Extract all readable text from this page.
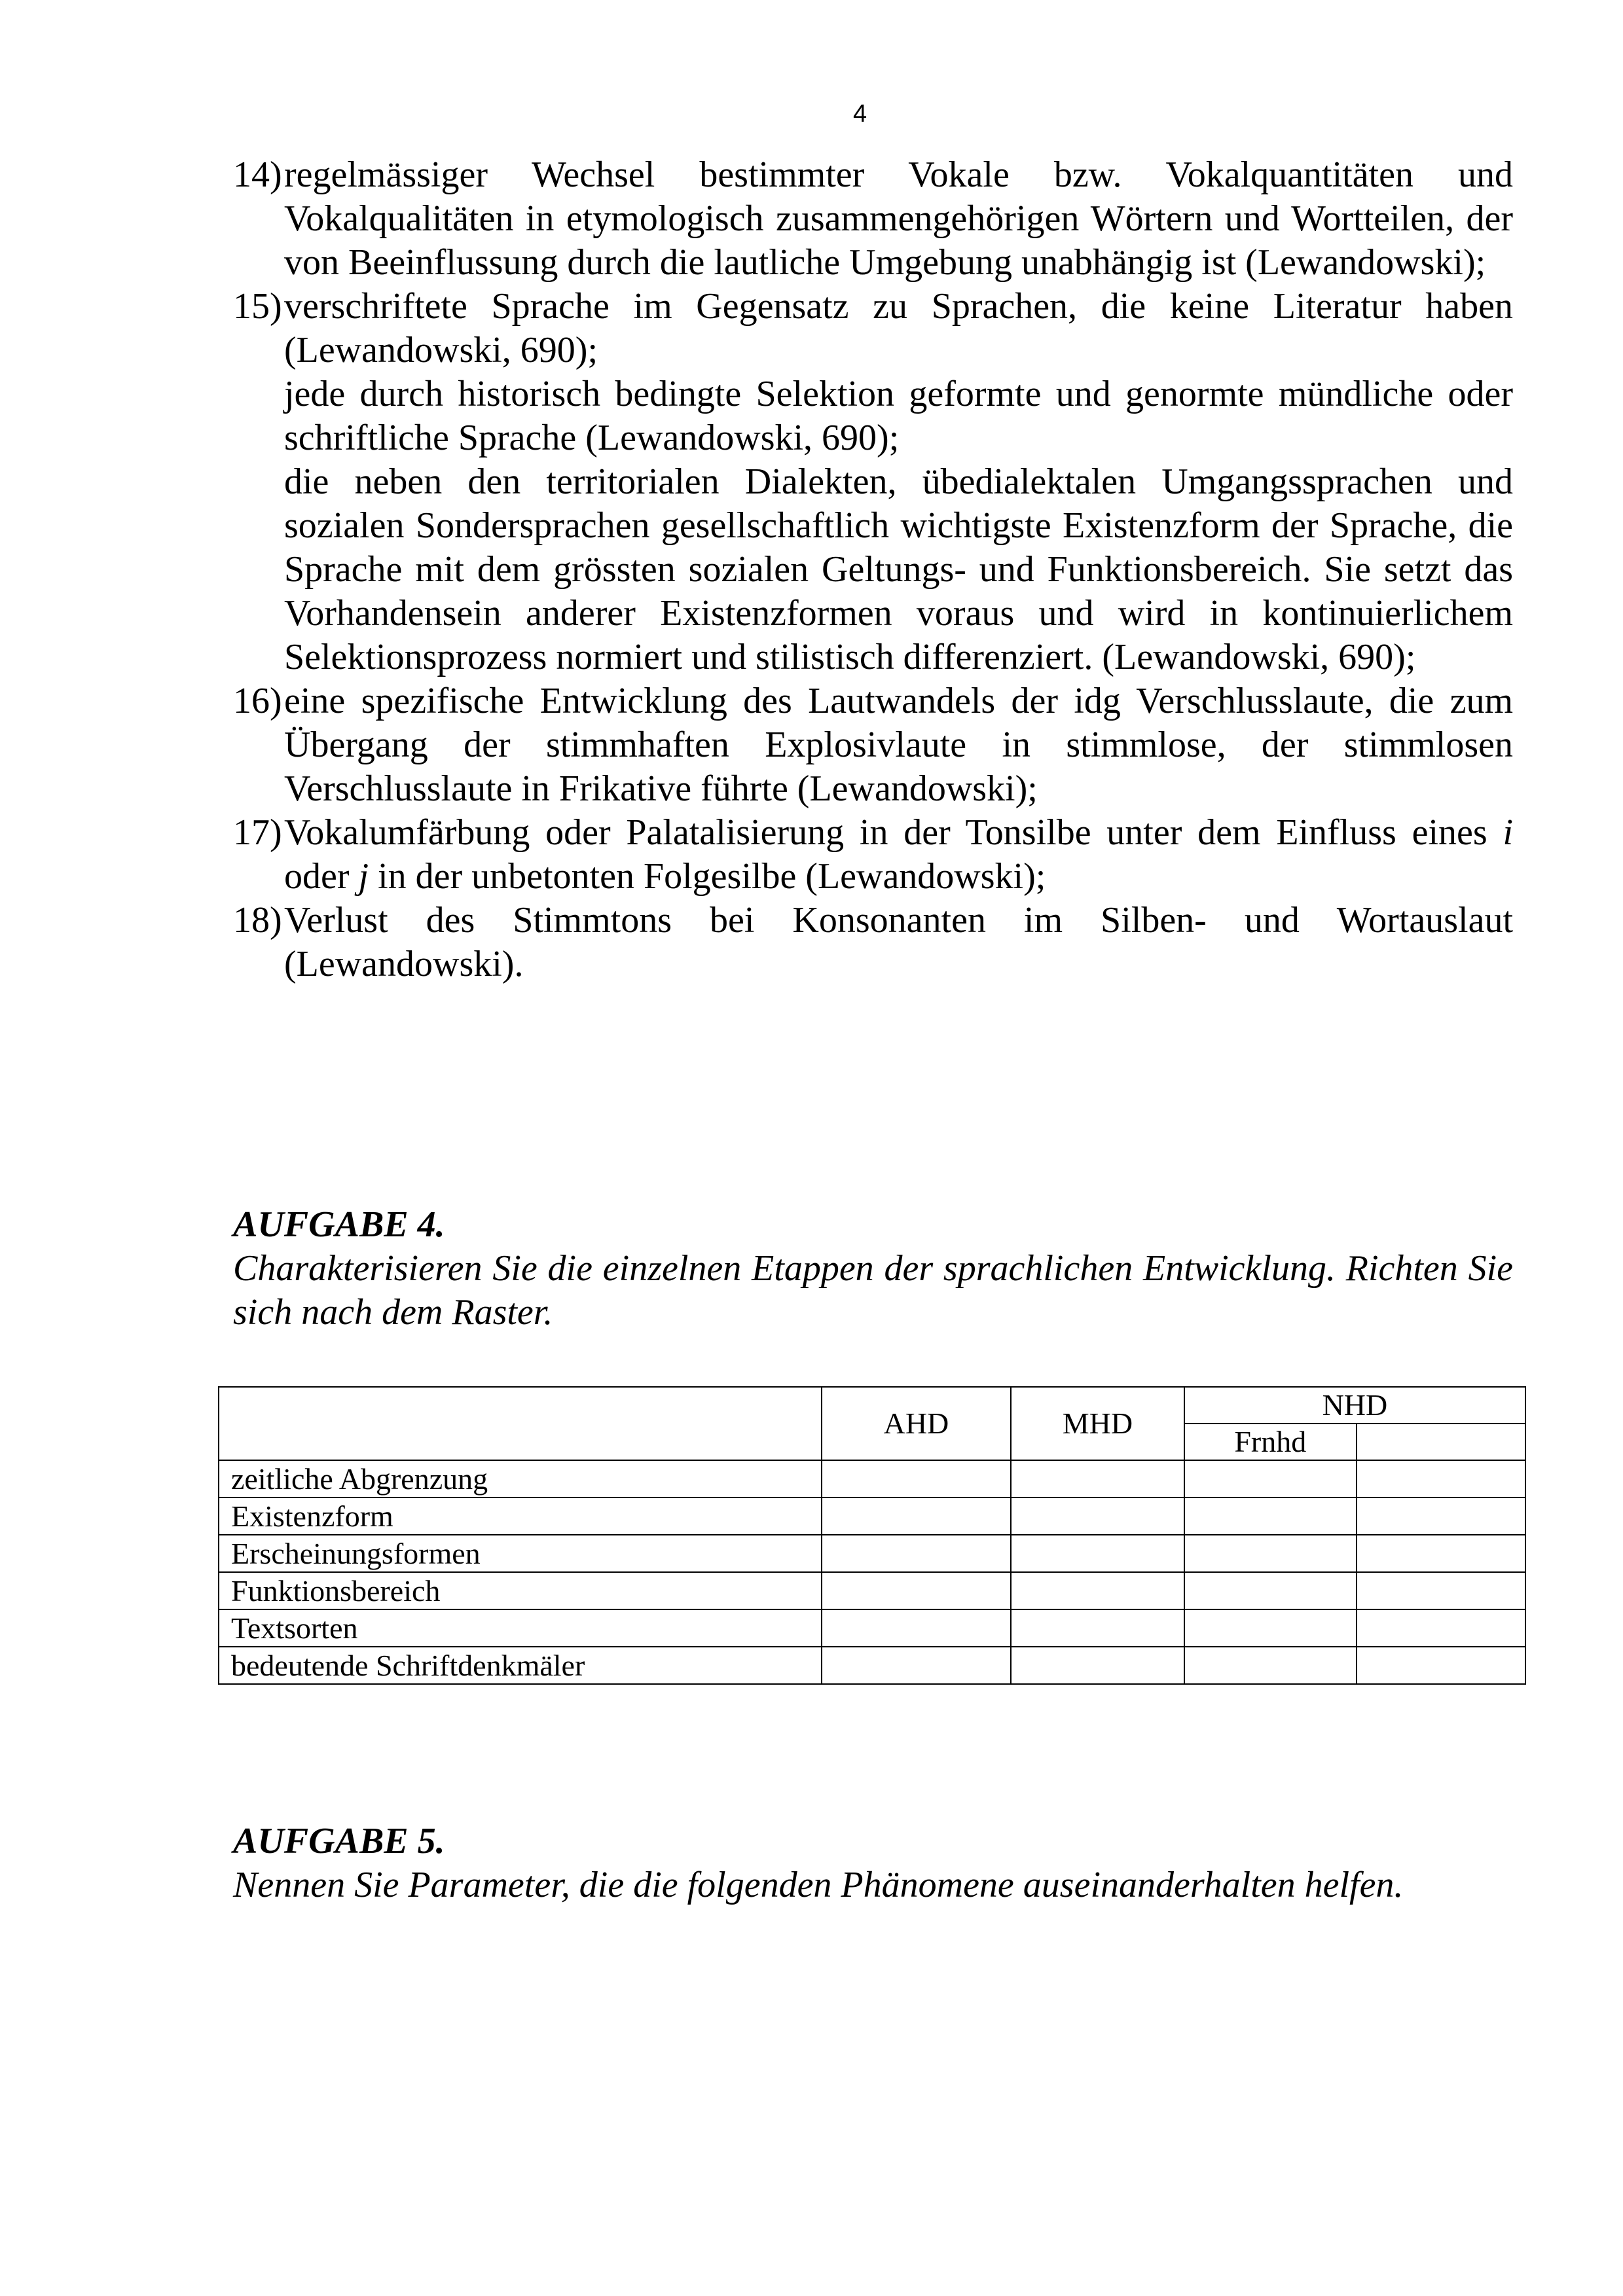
4
14) regelmässiger Wechsel bestimmter Vokale bzw. Vokalquantitäten und Vokalqualitäten in etymologisch zusammengehörigen Wörtern und Wortteilen, der von Beeinflussung durch die lautliche Umgebung unabhängig ist (Lewandowski);
15) verschriftete Sprache im Gegensatz zu Sprachen, die keine Literatur haben (Lewandowski, 690);
jede durch historisch bedingte Selektion geformte und genormte mündliche oder schriftliche Sprache (Lewandowski, 690);
die neben den territorialen Dialekten, übedialektalen Umgangssprachen und sozialen Sondersprachen gesellschaftlich wichtigste Existenzform der Sprache, die Sprache mit dem grössten sozialen Geltungs- und Funktionsbereich. Sie setzt das Vorhandensein anderer Existenzformen voraus und wird in kontinuierlichem Selektionsprozess normiert und stilistisch differenziert. (Lewandowski, 690);
16) eine spezifische Entwicklung des Lautwandels der idg Verschlusslaute, die zum Übergang der stimmhaften Explosivlaute in stimmlose, der stimmlosen Verschlusslaute in Frikative führte (Lewandowski);
17) Vokalumfärbung oder Palatalisierung in der Tonsilbe unter dem Einfluss eines i oder j in der unbetonten Folgesilbe (Lewandowski);
18) Verlust des Stimmtons bei Konsonanten im Silben- und Wortauslaut (Lewandowski).
AUFGABE 4.
Charakterisieren Sie die einzelnen Etappen der sprachlichen Entwicklung. Richten Sie sich nach dem Raster.
	AHD	MHD	NHD	
			Frnhd	
zeitliche Abgrenzung				
Existenzform				
Erscheinungsformen				
Funktionsbereich				
Textsorten				
bedeutende Schriftdenkmäler				
AUFGABE 5.
Nennen Sie Parameter, die die folgenden Phänomene auseinanderhalten helfen.
